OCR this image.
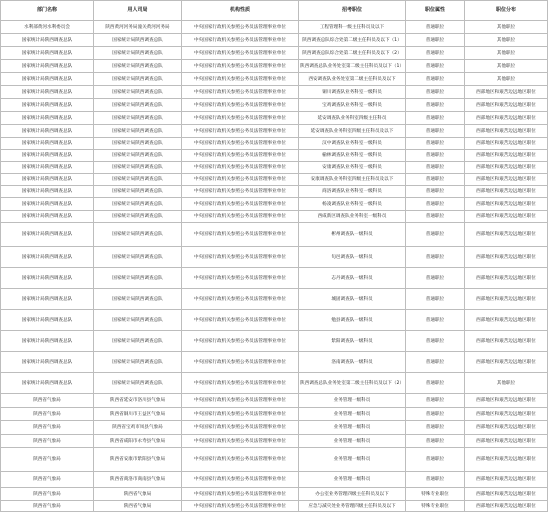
部门名称	用人司局	机构性质	招考职位	职位属性	职位分布
水利部黄河水利委员会	陕西黄河河务局潼关黄河河务局	中央国家行政机关参照公务员法管理事业单位	工程管理科一级主任科员及以下	普通职位	其他职位
国家统计局陕西调查总队	国家统计局陕西调查总队	中央国家行政机关参照公务员法管理事业单位	陕西调查总队综合处第二级主任科员及以下（1）	普通职位	其他职位
国家统计局陕西调查总队	国家统计局陕西调查总队	中央国家行政机关参照公务员法管理事业单位	陕西调查总队综合处第二级主任科员及以下（2）	普通职位	其他职位
国家统计局陕西调查总队	国家统计局陕西调查总队	中央国家行政机关参照公务员法管理事业单位	陕西调查总队业务处室第二级主任科员及以下（1）	普通职位	其他职位
国家统计局陕西调查总队	国家统计局陕西调查总队	中央国家行政机关参照公务员法管理事业单位	西安调查队业务处室第二级主任科员及以下	普通职位	其他职位
国家统计局陕西调查总队	国家统计局陕西调查总队	中央国家行政机关参照公务员法管理事业单位	铜川调查队业务科室一级科员	普通职位	西部地区和艰苦边远地区职位
国家统计局陕西调查总队	国家统计局陕西调查总队	中央国家行政机关参照公务员法管理事业单位	宝鸡调查队业务科室一级科员	普通职位	西部地区和艰苦边远地区职位
国家统计局陕西调查总队	国家统计局陕西调查总队	中央国家行政机关参照公务员法管理事业单位	延安调查队业务科室四级主任科员	普通职位	西部地区和艰苦边远地区职位
国家统计局陕西调查总队	国家统计局陕西调查总队	中央国家行政机关参照公务员法管理事业单位	延安调查队业务科室四级主任科员及以下	普通职位	西部地区和艰苦边远地区职位
国家统计局陕西调查总队	国家统计局陕西调查总队	中央国家行政机关参照公务员法管理事业单位	汉中调查队业务科室一级科员	普通职位	西部地区和艰苦边远地区职位
国家统计局陕西调查总队	国家统计局陕西调查总队	中央国家行政机关参照公务员法管理事业单位	榆林调查队业务科室一级科员	普通职位	西部地区和艰苦边远地区职位
国家统计局陕西调查总队	国家统计局陕西调查总队	中央国家行政机关参照公务员法管理事业单位	安康调查队业务科室一级科员	普通职位	西部地区和艰苦边远地区职位
国家统计局陕西调查总队	国家统计局陕西调查总队	中央国家行政机关参照公务员法管理事业单位	安康调查队业务科室四级主任科员及以下	普通职位	西部地区和艰苦边远地区职位
国家统计局陕西调查总队	国家统计局陕西调查总队	中央国家行政机关参照公务员法管理事业单位	商洛调查队业务科室一级科员	普通职位	西部地区和艰苦边远地区职位
国家统计局陕西调查总队	国家统计局陕西调查总队	中央国家行政机关参照公务员法管理事业单位	杨凌调查队业务科室一级科员	普通职位	西部地区和艰苦边远地区职位
国家统计局陕西调查总队	国家统计局陕西调查总队	中央国家行政机关参照公务员法管理事业单位	西咸新区调查队业务科室一级科员	普通职位	西部地区和艰苦边远地区职位
国家统计局陕西调查总队	国家统计局陕西调查总队	中央国家行政机关参照公务员法管理事业单位	彬州调查队一级科员	普通职位	西部地区和艰苦边远地区职位
国家统计局陕西调查总队	国家统计局陕西调查总队	中央国家行政机关参照公务员法管理事业单位	旬邑调查队一级科员	普通职位	西部地区和艰苦边远地区职位
国家统计局陕西调查总队	国家统计局陕西调查总队	中央国家行政机关参照公务员法管理事业单位	志丹调查队一级科员	普通职位	西部地区和艰苦边远地区职位
国家统计局陕西调查总队	国家统计局陕西调查总队	中央国家行政机关参照公务员法管理事业单位	城固调查队一级科员	普通职位	西部地区和艰苦边远地区职位
国家统计局陕西调查总队	国家统计局陕西调查总队	中央国家行政机关参照公务员法管理事业单位	勉县调查队一级科员	普通职位	西部地区和艰苦边远地区职位
国家统计局陕西调查总队	国家统计局陕西调查总队	中央国家行政机关参照公务员法管理事业单位	紫阳调查队一级科员	普通职位	西部地区和艰苦边远地区职位
国家统计局陕西调查总队	国家统计局陕西调查总队	中央国家行政机关参照公务员法管理事业单位	洛南调查队一级科员	普通职位	西部地区和艰苦边远地区职位
国家统计局陕西调查总队	国家统计局陕西调查总队	中央国家行政机关参照公务员法管理事业单位	陕西调查总队业务处室第二级主任科员及以下（2）	普通职位	其他职位
陕西省气象局	陕西省延安市洛川县气象局	中央国家行政机关参照公务员法管理事业单位	业务管理一级科员	普通职位	西部地区和艰苦边远地区职位
陕西省气象局	陕西省铜川市王益区气象局	中央国家行政机关参照公务员法管理事业单位	业务管理一级科员	普通职位	西部地区和艰苦边远地区职位
陕西省气象局	陕西省宝鸡市凤县气象局	中央国家行政机关参照公务员法管理事业单位	业务管理一级科员	普通职位	西部地区和艰苦边远地区职位
陕西省气象局	陕西省咸阳市永寿县气象局	中央国家行政机关参照公务员法管理事业单位	业务管理一级科员	普通职位	西部地区和艰苦边远地区职位
陕西省气象局	陕西省安康市紫阳县气象局	中央国家行政机关参照公务员法管理事业单位	业务管理一级科员	普通职位	西部地区和艰苦边远地区职位
陕西省气象局	陕西省商洛市商南县气象局	中央国家行政机关参照公务员法管理事业单位	业务管理一级科员	普通职位	西部地区和艰苦边远地区职位
陕西省气象局	陕西省气象局	中央国家行政机关参照公务员法管理事业单位	办公室业务管理四级主任科员及以下	特殊专业职位	西部地区和艰苦边远地区职位
陕西省气象局	陕西省气象局	中央国家行政机关参照公务员法管理事业单位	应急与减灾处业务管理四级主任科员及以下	特殊专业职位	西部地区和艰苦边远地区职位
